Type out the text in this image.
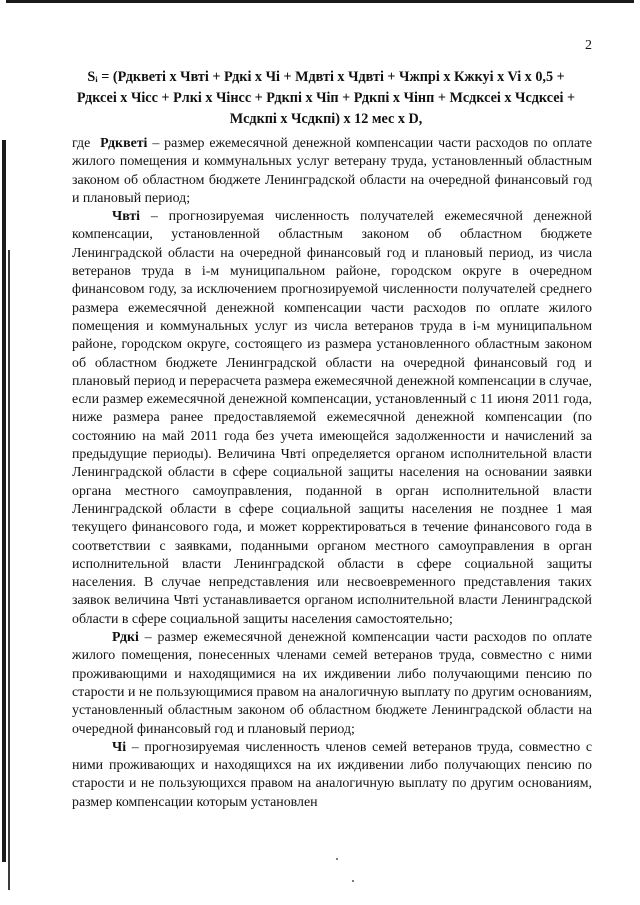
2
Sᵢ = (Рдкветi x Чвтi + Рдкi x Чi + Мдвтi x Чдвтi + Чжпрi x Кжкуi x Vi x 0,5 +
Рдксеi x Чiсс + Рлкi x Чiнсс + Рдкпi x Чiп + Рдкпi x Чiнп + Мсдксеi x Чсдксеi +
Мсдкпi x Чсдкпi) x 12 мес x D,

где Рдкветi – размер ежемесячной денежной компенсации части расходов по оплате жилого помещения и коммунальных услуг ветерану труда, установленный областным законом об областном бюджете Ленинградской области на очередной финансовый год и плановый период;

Чвтi – прогнозируемая численность получателей ежемесячной денежной компенсации, установленной областным законом об областном бюджете Ленинградской области на очередной финансовый год и плановый период, из числа ветеранов труда в i-м муниципальном районе, городском округе в очередном финансовом году, за исключением прогнозируемой численности получателей среднего размера ежемесячной денежной компенсации части расходов по оплате жилого помещения и коммунальных услуг из числа ветеранов труда в i-м муниципальном районе, городском округе, состоящего из размера установленного областным законом об областном бюджете Ленинградской области на очередной финансовый год и плановый период и перерасчета размера ежемесячной денежной компенсации в случае, если размер ежемесячной денежной компенсации, установленный с 11 июня 2011 года, ниже размера ранее предоставляемой ежемесячной денежной компенсации (по состоянию на май 2011 года без учета имеющейся задолженности и начислений за предыдущие периоды). Величина Чвтi определяется органом исполнительной власти Ленинградской области в сфере социальной защиты населения на основании заявки органа местного самоуправления, поданной в орган исполнительной власти Ленинградской области в сфере социальной защиты населения не позднее 1 мая текущего финансового года, и может корректироваться в течение финансового года в соответствии с заявками, поданными органом местного самоуправления в орган исполнительной власти Ленинградской области в сфере социальной защиты населения. В случае непредставления или несвоевременного представления таких заявок величина Чвтi устанавливается органом исполнительной власти Ленинградской области в сфере социальной защиты населения самостоятельно;

Рдкi – размер ежемесячной денежной компенсации части расходов по оплате жилого помещения, понесенных членами семей ветеранов труда, совместно с ними проживающими и находящимися на их иждивении либо получающими пенсию по старости и не пользующимися правом на аналогичную выплату по другим основаниям, установленный областным законом об областном бюджете Ленинградской области на очередной финансовый год и плановый период;

Чi – прогнозируемая численность членов семей ветеранов труда, совместно с ними проживающих и находящихся на их иждивении либо получающих пенсию по старости и не пользующихся правом на аналогичную выплату по другим основаниям, размер компенсации которым установлен
